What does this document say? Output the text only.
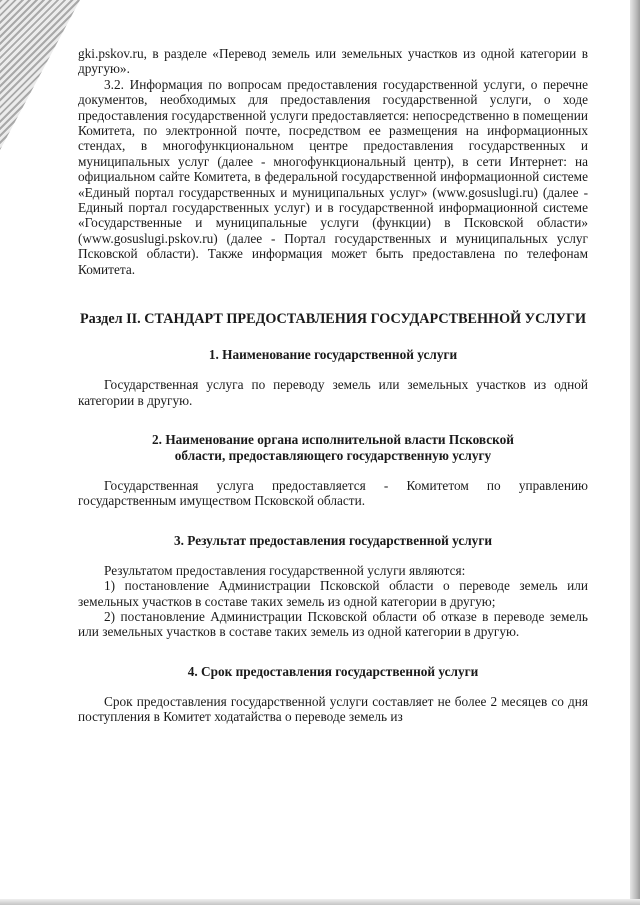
gki.pskov.ru, в разделе «Перевод земель или земельных участков из одной категории в другую».

3.2. Информация по вопросам предоставления государственной услуги, о перечне документов, необходимых для предоставления государственной услуги, о ходе предоставления государственной услуги предоставляется: непосредственно в помещении Комитета, по электронной почте, посредством ее размещения на информационных стендах, в многофункциональном центре предоставления государственных и муниципальных услуг (далее - многофункциональный центр), в сети Интернет: на официальном сайте Комитета, в федеральной государственной информационной системе «Единый портал государственных и муниципальных услуг» (www.gosuslugi.ru) (далее - Единый портал государственных услуг) и в государственной информационной системе «Государственные и муниципальные услуги (функции) в Псковской области» (www.gosuslugi.pskov.ru) (далее - Портал государственных и муниципальных услуг Псковской области). Также информация может быть предоставлена по телефонам Комитета.

Раздел II. СТАНДАРТ ПРЕДОСТАВЛЕНИЯ ГОСУДАРСТВЕННОЙ УСЛУГИ
1. Наименование государственной услуги

Государственная услуга по переводу земель или земельных участков из одной категории в другую.

2. Наименование органа исполнительной власти Псковской
области, предоставляющего государственную услугу

Государственная услуга предоставляется - Комитетом по управлению государственным имуществом Псковской области.

3. Результат предоставления государственной услуги

Результатом предоставления государственной услуги являются:

1) постановление Администрации Псковской области о переводе земель или земельных участков в составе таких земель из одной категории в другую;

2) постановление Администрации Псковской области об отказе в переводе земель или земельных участков в составе таких земель из одной категории в другую.

4. Срок предоставления государственной услуги

Срок предоставления государственной услуги составляет не более 2 месяцев со дня поступления в Комитет ходатайства о переводе земель из
